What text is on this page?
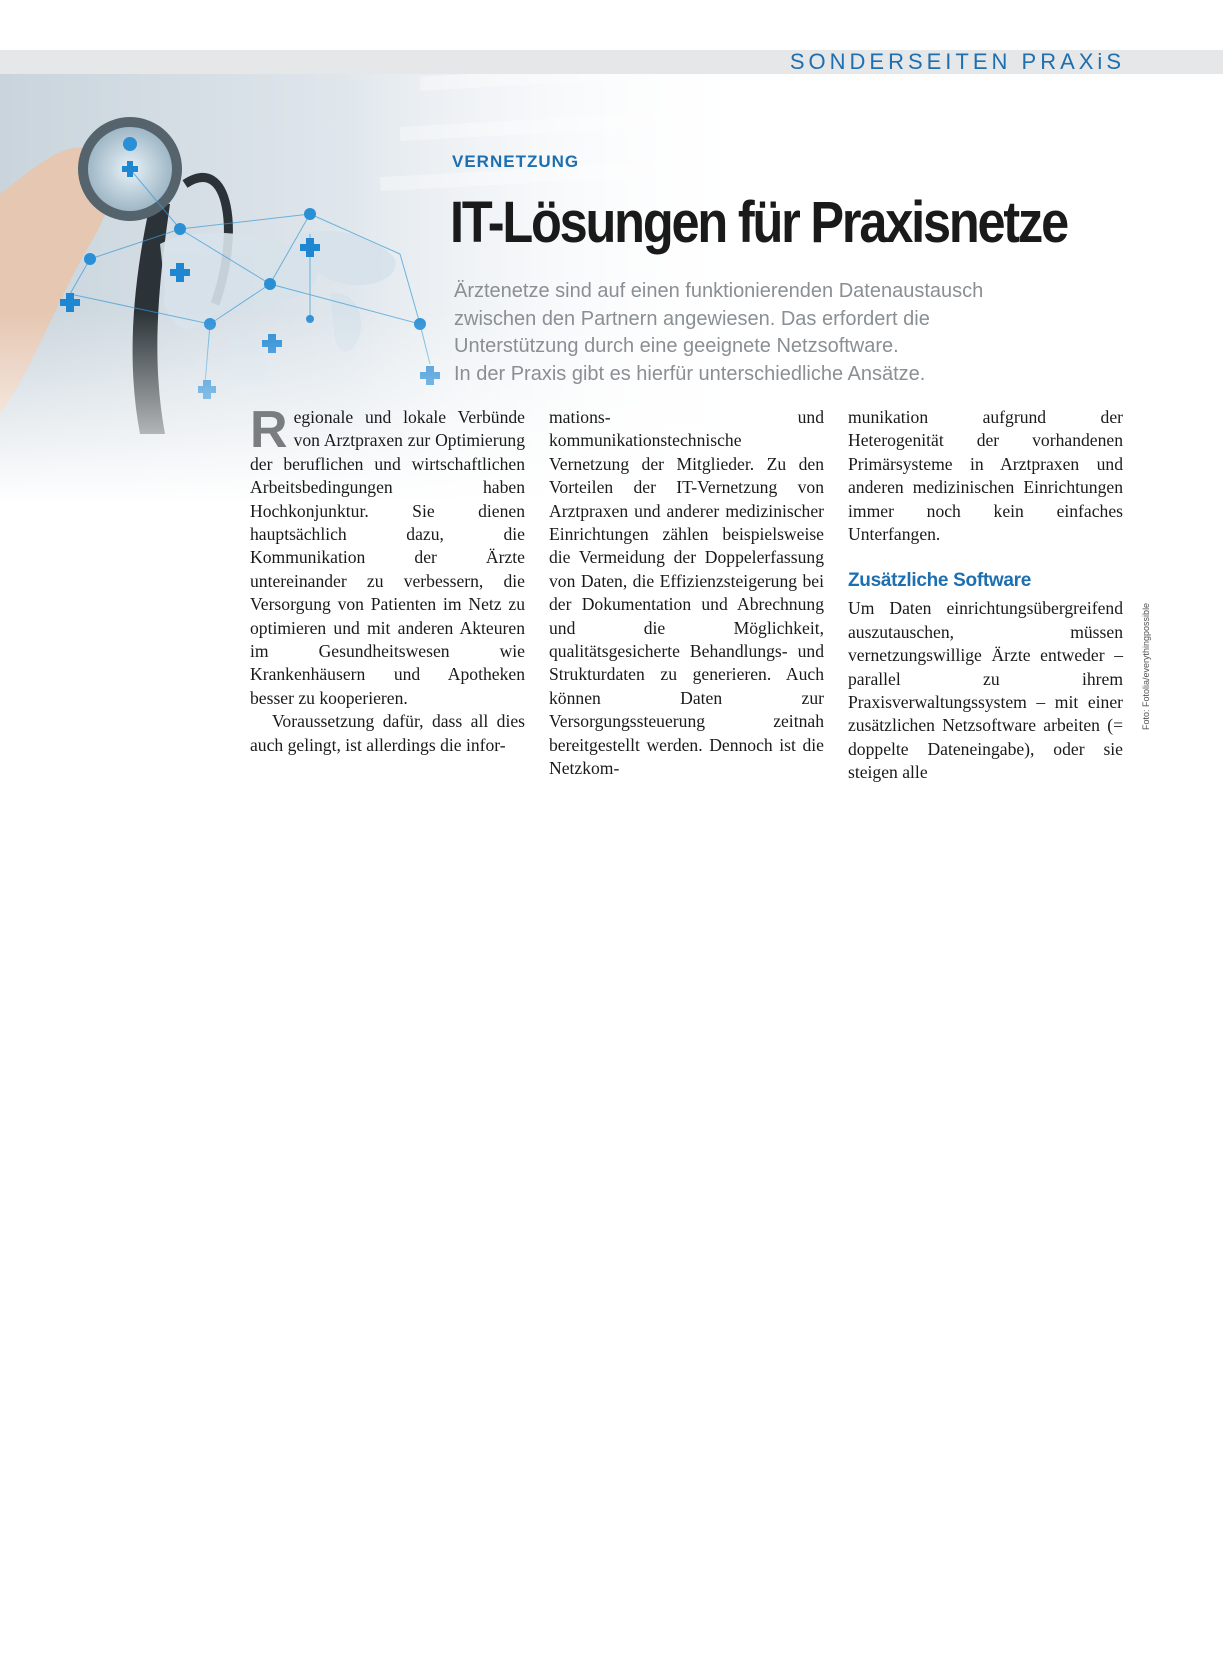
SONDERSEITEN PRAXiS
VERNETZUNG
IT-Lösungen für Praxisnetze
Ärztenetze sind auf einen funktionierenden Datenaustausch
zwischen den Partnern angewiesen. Das erfordert die
Unterstützung durch eine geeignete Netzsoftware.
In der Praxis gibt es hierfür unterschiedliche Ansätze.

Regionale und lokale Verbünde von Arztpraxen zur Optimierung der beruflichen und wirtschaftlichen Arbeitsbedingungen haben Hochkonjunktur. Sie dienen hauptsächlich dazu, die Kommunikation der Ärzte untereinander zu verbessern, die Versorgung von Patienten im Netz zu optimieren und mit anderen Akteuren im Gesundheitswesen wie Krankenhäusern und Apotheken besser zu kooperieren.

Voraussetzung dafür, dass all dies auch gelingt, ist allerdings die infor-

mations- und kommunikationstechnische Vernetzung der Mitglieder. Zu den Vorteilen der IT-Vernetzung von Arztpraxen und anderer medizinischer Einrichtungen zählen beispielsweise die Vermeidung der Doppelerfassung von Daten, die Effizienzsteigerung bei der Dokumentation und Abrechnung und die Möglichkeit, qualitätsgesicherte Behandlungs- und Strukturdaten zu generieren. Auch können Daten zur Versorgungssteuerung zeitnah bereitgestellt werden. Dennoch ist die Netzkom-

munikation aufgrund der Heterogenität der vorhandenen Primärsysteme in Arztpraxen und anderen medizinischen Einrichtungen immer noch kein einfaches Unterfangen.

Zusätzliche Software

Um Daten einrichtungsübergreifend auszutauschen, müssen vernetzungswillige Ärzte entweder – parallel zu ihrem Praxisverwaltungssystem – mit einer zusätzlichen Netzsoftware arbeiten (= doppelte Dateneingabe), oder sie steigen alle

Foto: Fotolia/everythingpossible
